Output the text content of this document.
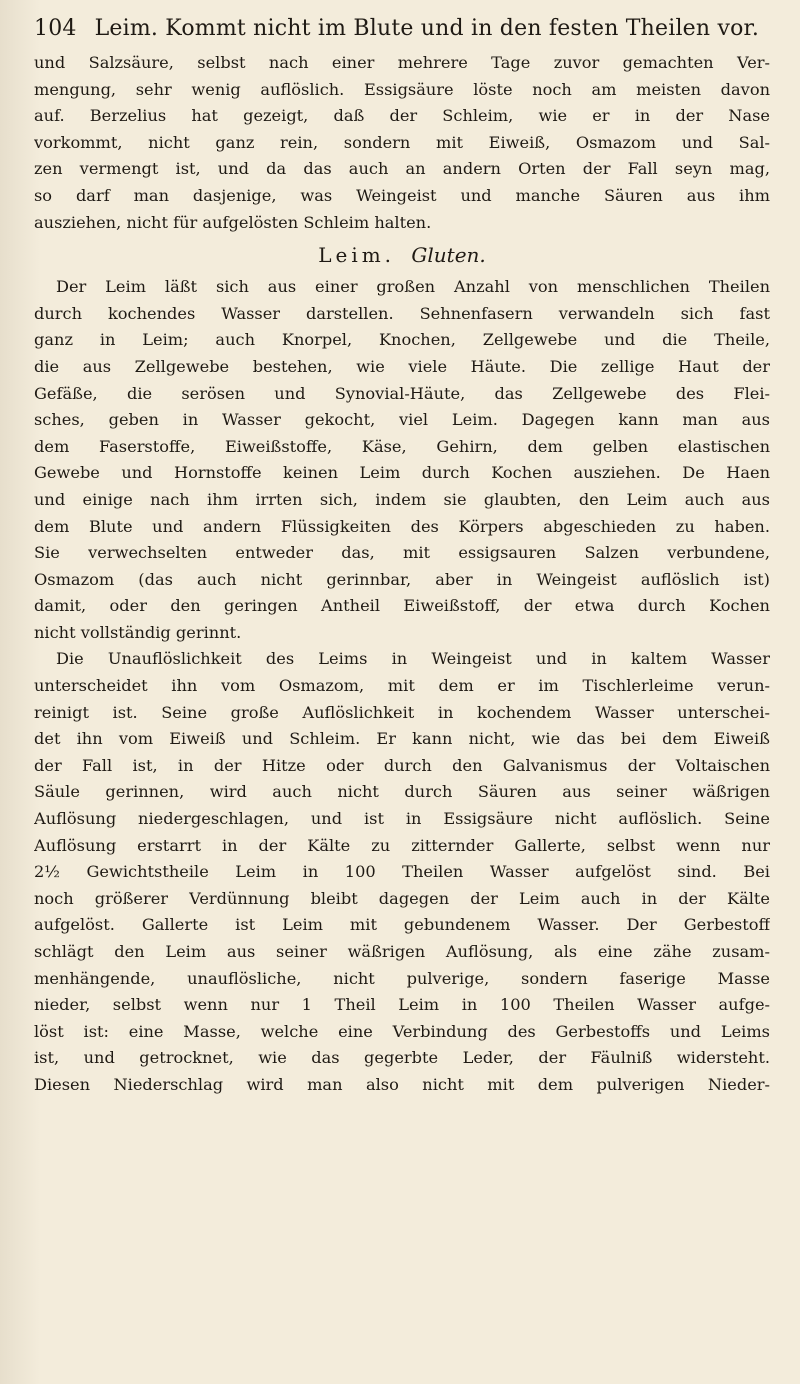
104 Leim. Kommt nicht im Blute und in den festen Theilen vor.
und Salzsäure, selbst nach einer mehrere Tage zuvor gemachten Ver-
mengung, sehr wenig auflöslich. Essigsäure löste noch am meisten davon
auf. Berzelius hat gezeigt, daß der Schleim, wie er in der Nase
vorkommt, nicht ganz rein, sondern mit Eiweiß, Osmazom und Sal-
zen vermengt ist, und da das auch an andern Orten der Fall seyn mag,
so darf man dasjenige, was Weingeist und manche Säuren aus ihm
ausziehen, nicht für aufgelösten Schleim halten.
Leim. Gluten.
Der Leim läßt sich aus einer großen Anzahl von menschlichen Theilen
durch kochendes Wasser darstellen. Sehnenfasern verwandeln sich fast
ganz in Leim; auch Knorpel, Knochen, Zellgewebe und die Theile,
die aus Zellgewebe bestehen, wie viele Häute. Die zellige Haut der
Gefäße, die serösen und Synovial-Häute, das Zellgewebe des Flei-
sches, geben in Wasser gekocht, viel Leim. Dagegen kann man aus
dem Faserstoffe, Eiweißstoffe, Käse, Gehirn, dem gelben elastischen
Gewebe und Hornstoffe keinen Leim durch Kochen ausziehen. De Haen
und einige nach ihm irrten sich, indem sie glaubten, den Leim auch aus
dem Blute und andern Flüssigkeiten des Körpers abgeschieden zu haben.
Sie verwechselten entweder das, mit essigsauren Salzen verbundene,
Osmazom (das auch nicht gerinnbar, aber in Weingeist auflöslich ist)
damit, oder den geringen Antheil Eiweißstoff, der etwa durch Kochen
nicht vollständig gerinnt.
Die Unauflöslichkeit des Leims in Weingeist und in kaltem Wasser
unterscheidet ihn vom Osmazom, mit dem er im Tischlerleime verun-
reinigt ist. Seine große Auflöslichkeit in kochendem Wasser unterschei-
det ihn vom Eiweiß und Schleim. Er kann nicht, wie das bei dem Eiweiß
der Fall ist, in der Hitze oder durch den Galvanismus der Voltaischen
Säule gerinnen, wird auch nicht durch Säuren aus seiner wäßrigen
Auflösung niedergeschlagen, und ist in Essigsäure nicht auflöslich. Seine
Auflösung erstarrt in der Kälte zu zitternder Gallerte, selbst wenn nur
2½ Gewichtstheile Leim in 100 Theilen Wasser aufgelöst sind. Bei
noch größerer Verdünnung bleibt dagegen der Leim auch in der Kälte
aufgelöst. Gallerte ist Leim mit gebundenem Wasser. Der Gerbestoff
schlägt den Leim aus seiner wäßrigen Auflösung, als eine zähe zusam-
menhängende, unauflösliche, nicht pulverige, sondern faserige Masse
nieder, selbst wenn nur 1 Theil Leim in 100 Theilen Wasser aufge-
löst ist: eine Masse, welche eine Verbindung des Gerbestoffs und Leims
ist, und getrocknet, wie das gegerbte Leder, der Fäulniß widersteht.
Diesen Niederschlag wird man also nicht mit dem pulverigen Nieder-
